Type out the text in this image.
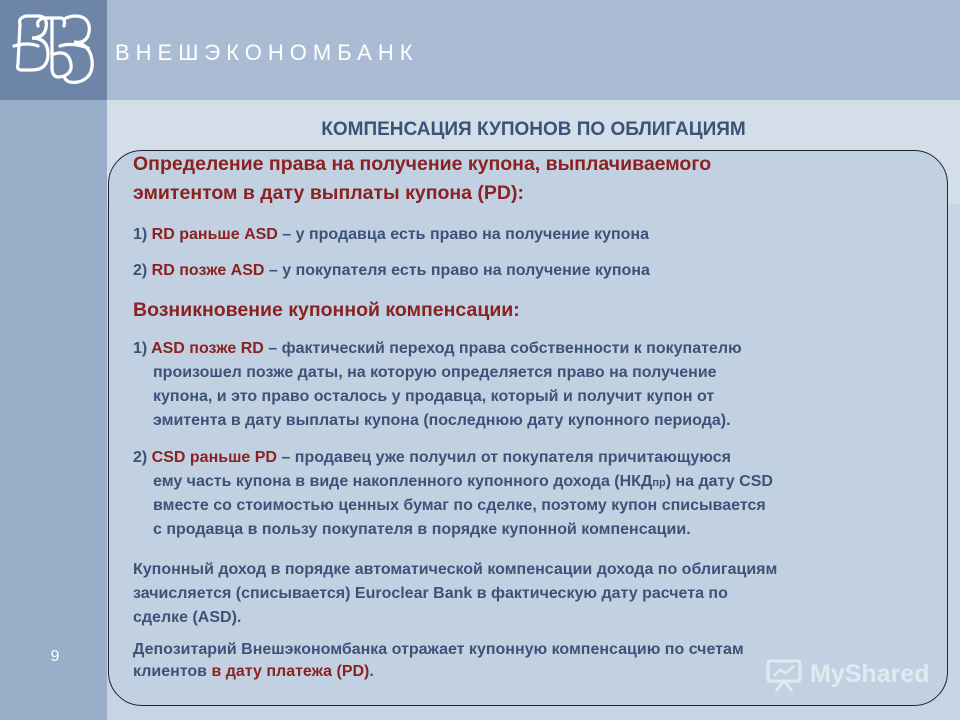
ВНЕШЭКОНОМБАНК
9
КОМПЕНСАЦИЯ КУПОНОВ ПО ОБЛИГАЦИЯМ
Определение права на получение купона, выплачиваемого
эмитентом в дату выплаты купона (PD):
1) RD раньше ASD – у продавца есть право на получение купона
2) RD позже ASD – у покупателя есть право на получение купона
Возникновение купонной компенсации:
1) ASD позже RD – фактический переход права собственности к покупателю
произошел позже даты, на которую определяется право на получение
купона, и это право осталось у продавца, который и получит купон от
эмитента в дату выплаты купона (последнюю дату купонного периода).
2) CSD раньше PD – продавец уже получил от покупателя причитающуюся
ему часть купона в виде накопленного купонного дохода (НКДпр) на дату CSD
вместе со стоимостью ценных бумаг по сделке, поэтому купон списывается
с продавца в пользу покупателя в порядке купонной компенсации.
Купонный доход в порядке автоматической компенсации дохода по облигациям
зачисляется (списывается) Euroclear Bank в фактическую дату расчета по
сделке (ASD).
Депозитарий Внешэкономбанка отражает купонную компенсацию по счетам
клиентов в дату платежа (PD).	MyShared
